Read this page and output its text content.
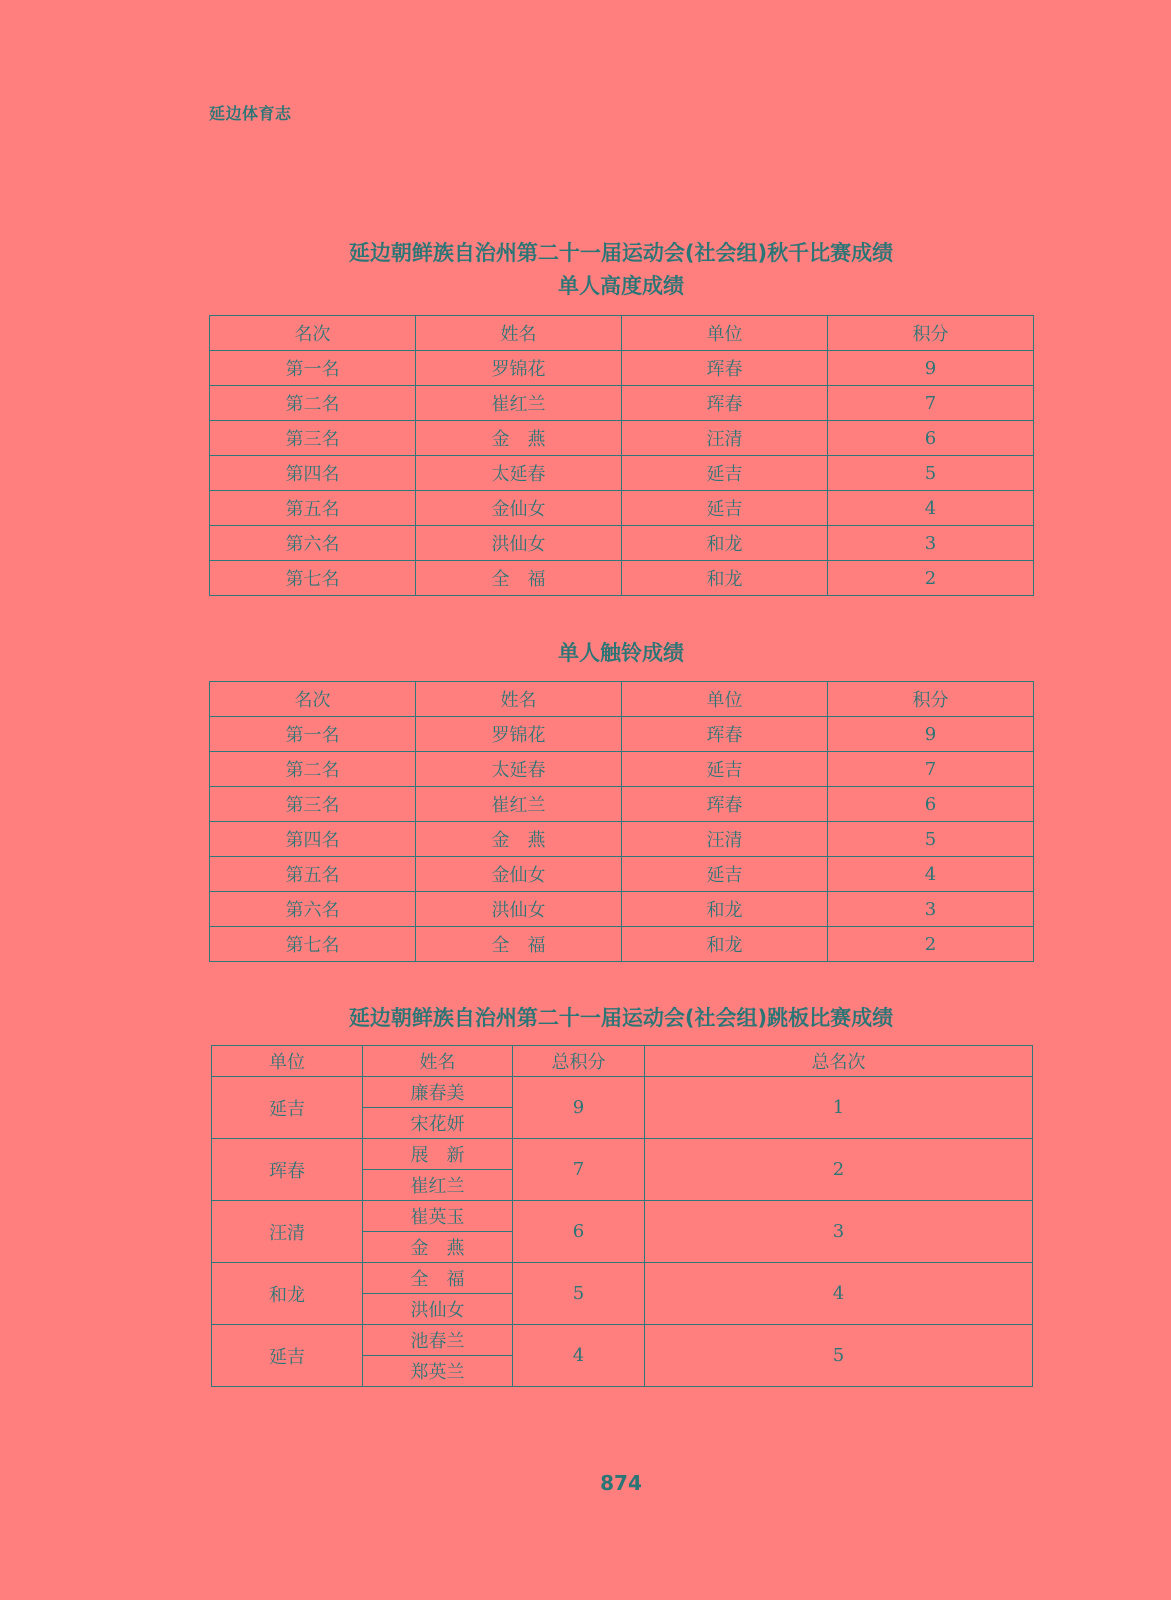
延边体育志
延边朝鲜族自治州第二十一届运动会(社会组)秋千比赛成绩
单人高度成绩
名次	姓名	单位	积分
第一名	罗锦花	珲春	9
第二名	崔红兰	珲春	7
第三名	金　燕	汪清	6
第四名	太延春	延吉	5
第五名	金仙女	延吉	4
第六名	洪仙女	和龙	3
第七名	全　福	和龙	2
单人触铃成绩
名次	姓名	单位	积分
第一名	罗锦花	珲春	9
第二名	太延春	延吉	7
第三名	崔红兰	珲春	6
第四名	金　燕	汪清	5
第五名	金仙女	延吉	4
第六名	洪仙女	和龙	3
第七名	全　福	和龙	2
延边朝鲜族自治州第二十一届运动会(社会组)跳板比赛成绩
单位	姓名	总积分	总名次
延吉	廉春美	9	1
	宋花妍		
珲春	展　新	7	2
	崔红兰		
汪清	崔英玉	6	3
	金　燕		
和龙	全　福	5	4
	洪仙女		
延吉	池春兰	4	5
	郑英兰		
874
